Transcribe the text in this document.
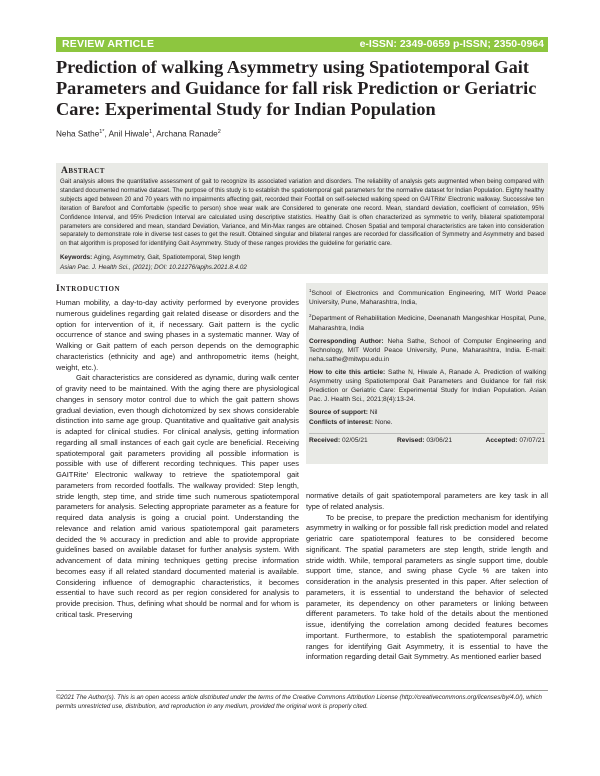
REVIEW ARTICLE	e-ISSN: 2349-0659 p-ISSN; 2350-0964
Prediction of walking Asymmetry using Spatiotemporal Gait Parameters and Guidance for fall risk Prediction or Geriatric Care: Experimental Study for Indian Population
Neha Sathe$^{1*}$, Anil Hiwale$^1$, Archana Ranade$^2$
Abstract

Gait analysis allows the quantitative assessment of gait to recognize its associated variation and disorders. The reliability of analysis gets augmented when being compared with standard documented normative dataset. The purpose of this study is to establish the spatiotemporal gait parameters for the normative dataset for Indian Population. Eighty healthy subjects aged between 20 and 70 years with no impairments affecting gait, recorded their Footfall on self-selected walking speed on GAITRite' Electronic walkway. Successive ten iteration of Barefoot and Comfortable (specific to person) shoe wear walk are Considered to generate one record. Mean, standard deviation, coefficient of correlation, 95% Confidence Interval, and 95% Prediction Interval are calculated using descriptive statistics. Healthy Gait is often characterized as symmetric to verify, bilateral spatiotemporal parameters are considered and mean, standard Deviation, Variance, and Min-Max ranges are obtained. Chosen Spatial and temporal characteristics are taken into consideration separately to demonstrate role in diverse test cases to get the result. Obtained singular and bilateral ranges are recorded for classification of Symmetry and Asymmetry and based on that algorithm is proposed for identifying Gait Asymmetry. Study of these ranges provides the guideline for geriatric care.

Keywords: Aging, Asymmetry, Gait, Spatiotemporal, Step length
Asian Pac. J. Health Sci., (2021); DOI: 10.21276/apjhs.2021.8.4.02
Introduction

Human mobility, a day-to-day activity performed by everyone provides numerous guidelines regarding gait related disease or disorders and the option for intervention of it, if necessary. Gait pattern is the cyclic occurrence of stance and swing phases in a systematic manner. Way of Walking or Gait pattern of each person depends on the demographic characteristics (ethnicity and age) and anthropometric items (height, weight, etc.).

Gait characteristics are considered as dynamic, during walk center of gravity need to be maintained. With the aging there are physiological changes in sensory motor control due to which the gait pattern shows gradual deviation, even though dichotomized by sex shows considerable distinction into same age group. Quantitative and qualitative gait analysis is adapted for clinical studies. For clinical analysis, getting information regarding all small instances of each gait cycle are beneficial. Receiving spatiotemporal gait parameters providing all possible information is possible with use of different recording techniques. This paper uses GAITRite' Electronic walkway to retrieve the spatiotemporal gait parameters from recorded footfalls. The walkway provided: Step length, stride length, step time, and stride time such numerous spatiotemporal parameters for analysis. Selecting appropriate parameter as a feature for required data analysis is going a crucial point. Understanding the relevance and relation amid various spatiotemporal gait parameters decided the % accuracy in prediction and able to provide appropriate guidelines based on available dataset for further analysis system. With advancement of data mining techniques getting precise information becomes easy if all related standard documented material is available. Considering influence of demographic characteristics, it becomes essential to have such record as per region considered for analysis to provide precision. Thus, defining what should be normal and for whom is critical task. Preserving

$^1$School of Electronics and Communication Engineering, MIT World Peace University, Pune, Maharashtra, India,

$^2$Department of Rehabilitation Medicine, Deenanath Mangeshkar Hospital, Pune, Maharashtra, India

Corresponding Author: Neha Sathe, School of Computer Engineering and Technology, MIT World Peace University, Pune, Maharashtra, India. E-mail: neha.sathe@mitwpu.edu.in

How to cite this article: Sathe N, Hiwale A, Ranade A. Prediction of walking Asymmetry using Spatiotemporal Gait Parameters and Guidance for fall risk Prediction or Geriatric Care: Experimental Study for Indian Population. Asian Pac. J. Health Sci., 2021;8(4):13-24.

Source of support: Nil

Conflicts of interest: None.

Received: 02/05/21	Revised: 03/06/21	Accepted: 07/07/21

normative details of gait spatiotemporal parameters are key task in all type of related analysis.

To be precise, to prepare the prediction mechanism for identifying asymmetry in walking or for possible fall risk prediction model and related geriatric care spatiotemporal features to be considered become significant. The spatial parameters are step length, stride length and stride width. While, temporal parameters as single support time, double support time, stance, and swing phase Cycle % are taken into consideration in the analysis presented in this paper. After selection of parameters, it is essential to understand the behavior of selected parameter, its dependency on other parameters or linking between different parameters. To take hold of the details about the mentioned issue, identifying the correlation among decided features becomes important. Furthermore, to establish the spatiotemporal parametric ranges for identifying Gait Asymmetry, it is essential to have the information regarding detail Gait Symmetry. As mentioned earlier based

©2021 The Author(s). This is an open access article distributed under the terms of the Creative Commons Attribution License (http://creativecommons.org/licenses/by/4.0/), which permits unrestricted use, distribution, and reproduction in any medium, provided the original work is properly cited.
